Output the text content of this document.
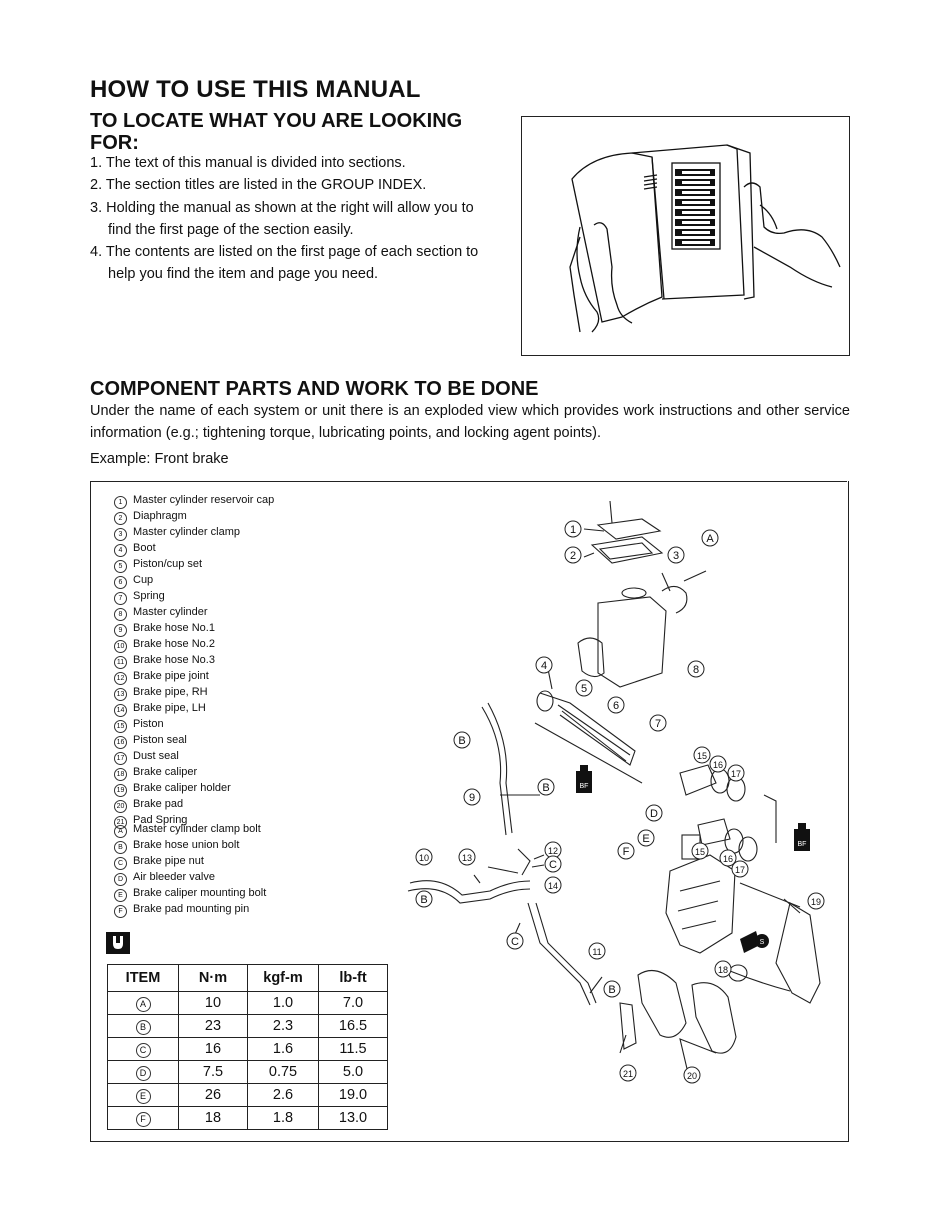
HOW TO USE THIS MANUAL
TO LOCATE WHAT YOU ARE LOOKING FOR:
1. The text of this manual is divided into sections.
2. The section titles are listed in the GROUP INDEX.
3. Holding the manual as shown at the right will allow you to find the first page of the section easily.
4. The contents are listed on the first page of each section to help you find the item and page you need.
COMPONENT PARTS AND WORK TO BE DONE
Under the name of each system or unit there is an exploded view which provides work instructions and other service information (e.g.; tightening torque, lubricating points, and locking agent points).
Example: Front brake
1 Master cylinder reservoir cap
2 Diaphragm
3 Master cylinder clamp
4 Boot
5 Piston/cup set
6 Cup
7 Spring
8 Master cylinder
9 Brake hose No.1
10 Brake hose No.2
11 Brake hose No.3
12 Brake pipe joint
13 Brake pipe, RH
14 Brake pipe, LH
15 Piston
16 Piston seal
17 Dust seal
18 Brake caliper
19 Brake caliper holder
20 Brake pad
21 Pad Spring
A Master cylinder clamp bolt
B Brake hose union bolt
C Brake pipe nut
D Air bleeder valve
E Brake caliper mounting bolt
F Brake pad mounting pin
ITEM	N·m	kgf-m	lb-ft
A	10	1.0	7.0
B	23	2.3	16.5
C	16	1.6	11.5
D	7.5	0.75	5.0
E	26	2.6	19.0
F	18	1.8	13.0
1
2	3
A
4
5
6
7
8
B
9
B
15
16
17
D
E
F
12
10	13
C
14
B
C
11
19
18
B
21	20
16
17
15
BF
BF
S
